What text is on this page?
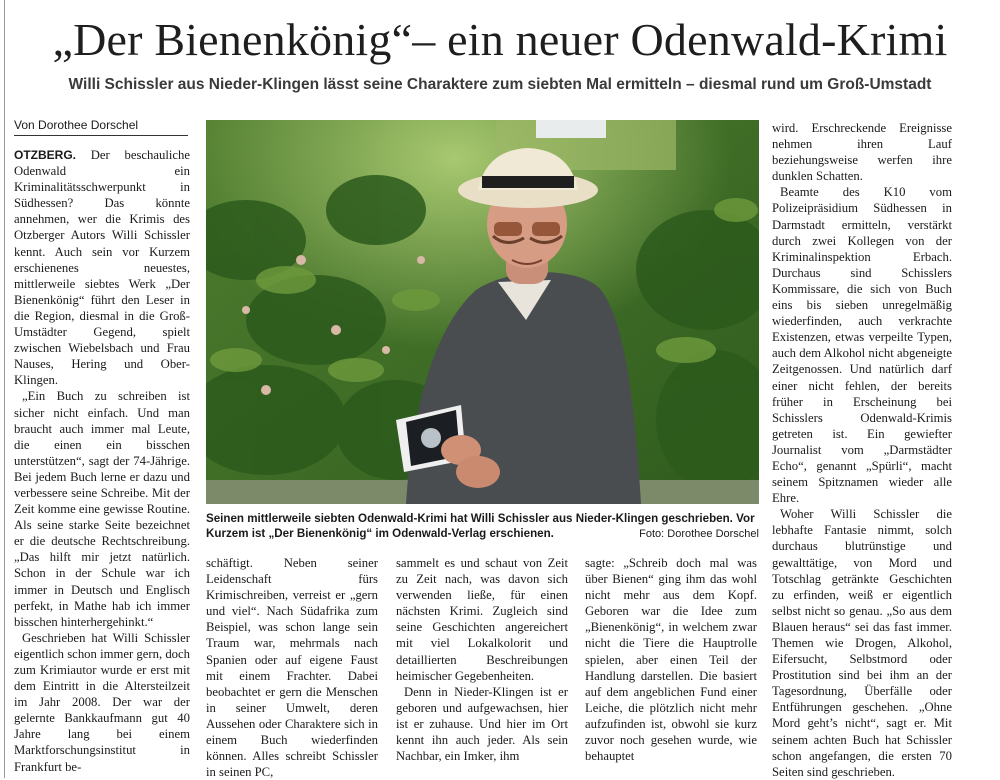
„Der Bienenkönig“– ein neuer Odenwald-Krimi
Willi Schissler aus Nieder-Klingen lässt seine Charaktere zum siebten Mal ermitteln – diesmal rund um Groß-Umstadt
Von Dorothee Dorschel

OTZBERG. Der beschauliche Odenwald ein Kriminalitätsschwerpunkt in Südhessen? Das könnte annehmen, wer die Krimis des Otzberger Autors Willi Schissler kennt. Auch sein vor Kurzem erschienenes neuestes, mittlerweile siebtes Werk „Der Bienenkönig“ führt den Leser in die Region, diesmal in die Groß-Umstädter Gegend, spielt zwischen Wiebelsbach und Frau Nauses, Hering und Ober-Klingen.

„Ein Buch zu schreiben ist sicher nicht einfach. Und man braucht auch immer mal Leute, die einen ein bisschen unterstützen“, sagt der 74-Jährige. Bei jedem Buch lerne er dazu und verbessere seine Schreibe. Mit der Zeit komme eine gewisse Routine. Als seine starke Seite bezeichnet er die deutsche Rechtschreibung. „Das hilft mir jetzt natürlich. Schon in der Schule war ich immer in Deutsch und Englisch perfekt, in Mathe hab ich immer bisschen hinterhergehinkt.“

Geschrieben hat Willi Schissler eigentlich schon immer gern, doch zum Krimiautor wurde er erst mit dem Eintritt in die Altersteilzeit im Jahr 2008. Der war der gelernte Bankkaufmann gut 40 Jahre lang bei einem Marktforschungsinstitut in Frankfurt be-

Seinen mittlerweile siebten Odenwald-Krimi hat Willi Schissler aus Nieder-Klingen geschrieben. Vor Kurzem ist „Der Bienenkönig“ im Odenwald-Verlag erschienen.	Foto: Dorothee Dorschel

schäftigt. Neben seiner Leidenschaft fürs Krimischreiben, verreist er „gern und viel“. Nach Südafrika zum Beispiel, was schon lange sein Traum war, mehrmals nach Spanien oder auf eigene Faust mit einem Frachter. Dabei beobachtet er gern die Menschen in seiner Umwelt, deren Aussehen oder Charaktere sich in einem Buch wiederfinden können. Alles schreibt Schissler in seinen PC,

sammelt es und schaut von Zeit zu Zeit nach, was davon sich verwenden ließe, für einen nächsten Krimi. Zugleich sind seine Geschichten angereichert mit viel Lokalkolorit und detaillierten Beschreibungen heimischer Gegebenheiten.

Denn in Nieder-Klingen ist er geboren und aufgewachsen, hier ist er zuhause. Und hier im Ort kennt ihn auch jeder. Als sein Nachbar, ein Imker, ihm

sagte: „Schreib doch mal was über Bienen“ ging ihm das wohl nicht mehr aus dem Kopf. Geboren war die Idee zum „Bienenkönig“, in welchem zwar nicht die Tiere die Hauptrolle spielen, aber einen Teil der Handlung darstellen. Die basiert auf dem angeblichen Fund einer Leiche, die plötzlich nicht mehr aufzufinden ist, obwohl sie kurz zuvor noch gesehen wurde, wie behauptet

wird. Erschreckende Ereignisse nehmen ihren Lauf beziehungsweise werfen ihre dunklen Schatten.

Beamte des K10 vom Polizeipräsidium Südhessen in Darmstadt ermitteln, verstärkt durch zwei Kollegen von der Kriminalinspektion Erbach. Durchaus sind Schisslers Kommissare, die sich von Buch eins bis sieben unregelmäßig wiederfinden, auch verkrachte Existenzen, etwas verpeilte Typen, auch dem Alkohol nicht abgeneigte Zeitgenossen. Und natürlich darf einer nicht fehlen, der bereits früher in Erscheinung bei Schisslers Odenwald-Krimis getreten ist. Ein gewiefter Journalist vom „Darmstädter Echo“, genannt „Spürli“, macht seinem Spitznamen wieder alle Ehre.

Woher Willi Schissler die lebhafte Fantasie nimmt, solch durchaus blutrünstige und gewalttätige, von Mord und Totschlag getränkte Geschichten zu erfinden, weiß er eigentlich selbst nicht so genau. „So aus dem Blauen heraus“ sei das fast immer. Themen wie Drogen, Alkohol, Eifersucht, Selbstmord oder Prostitution sind bei ihm an der Tagesordnung, Überfälle oder Entführungen geschehen. „Ohne Mord geht’s nicht“, sagt er. Mit seinem achten Buch hat Schissler schon angefangen, die ersten 70 Seiten sind geschrieben.
